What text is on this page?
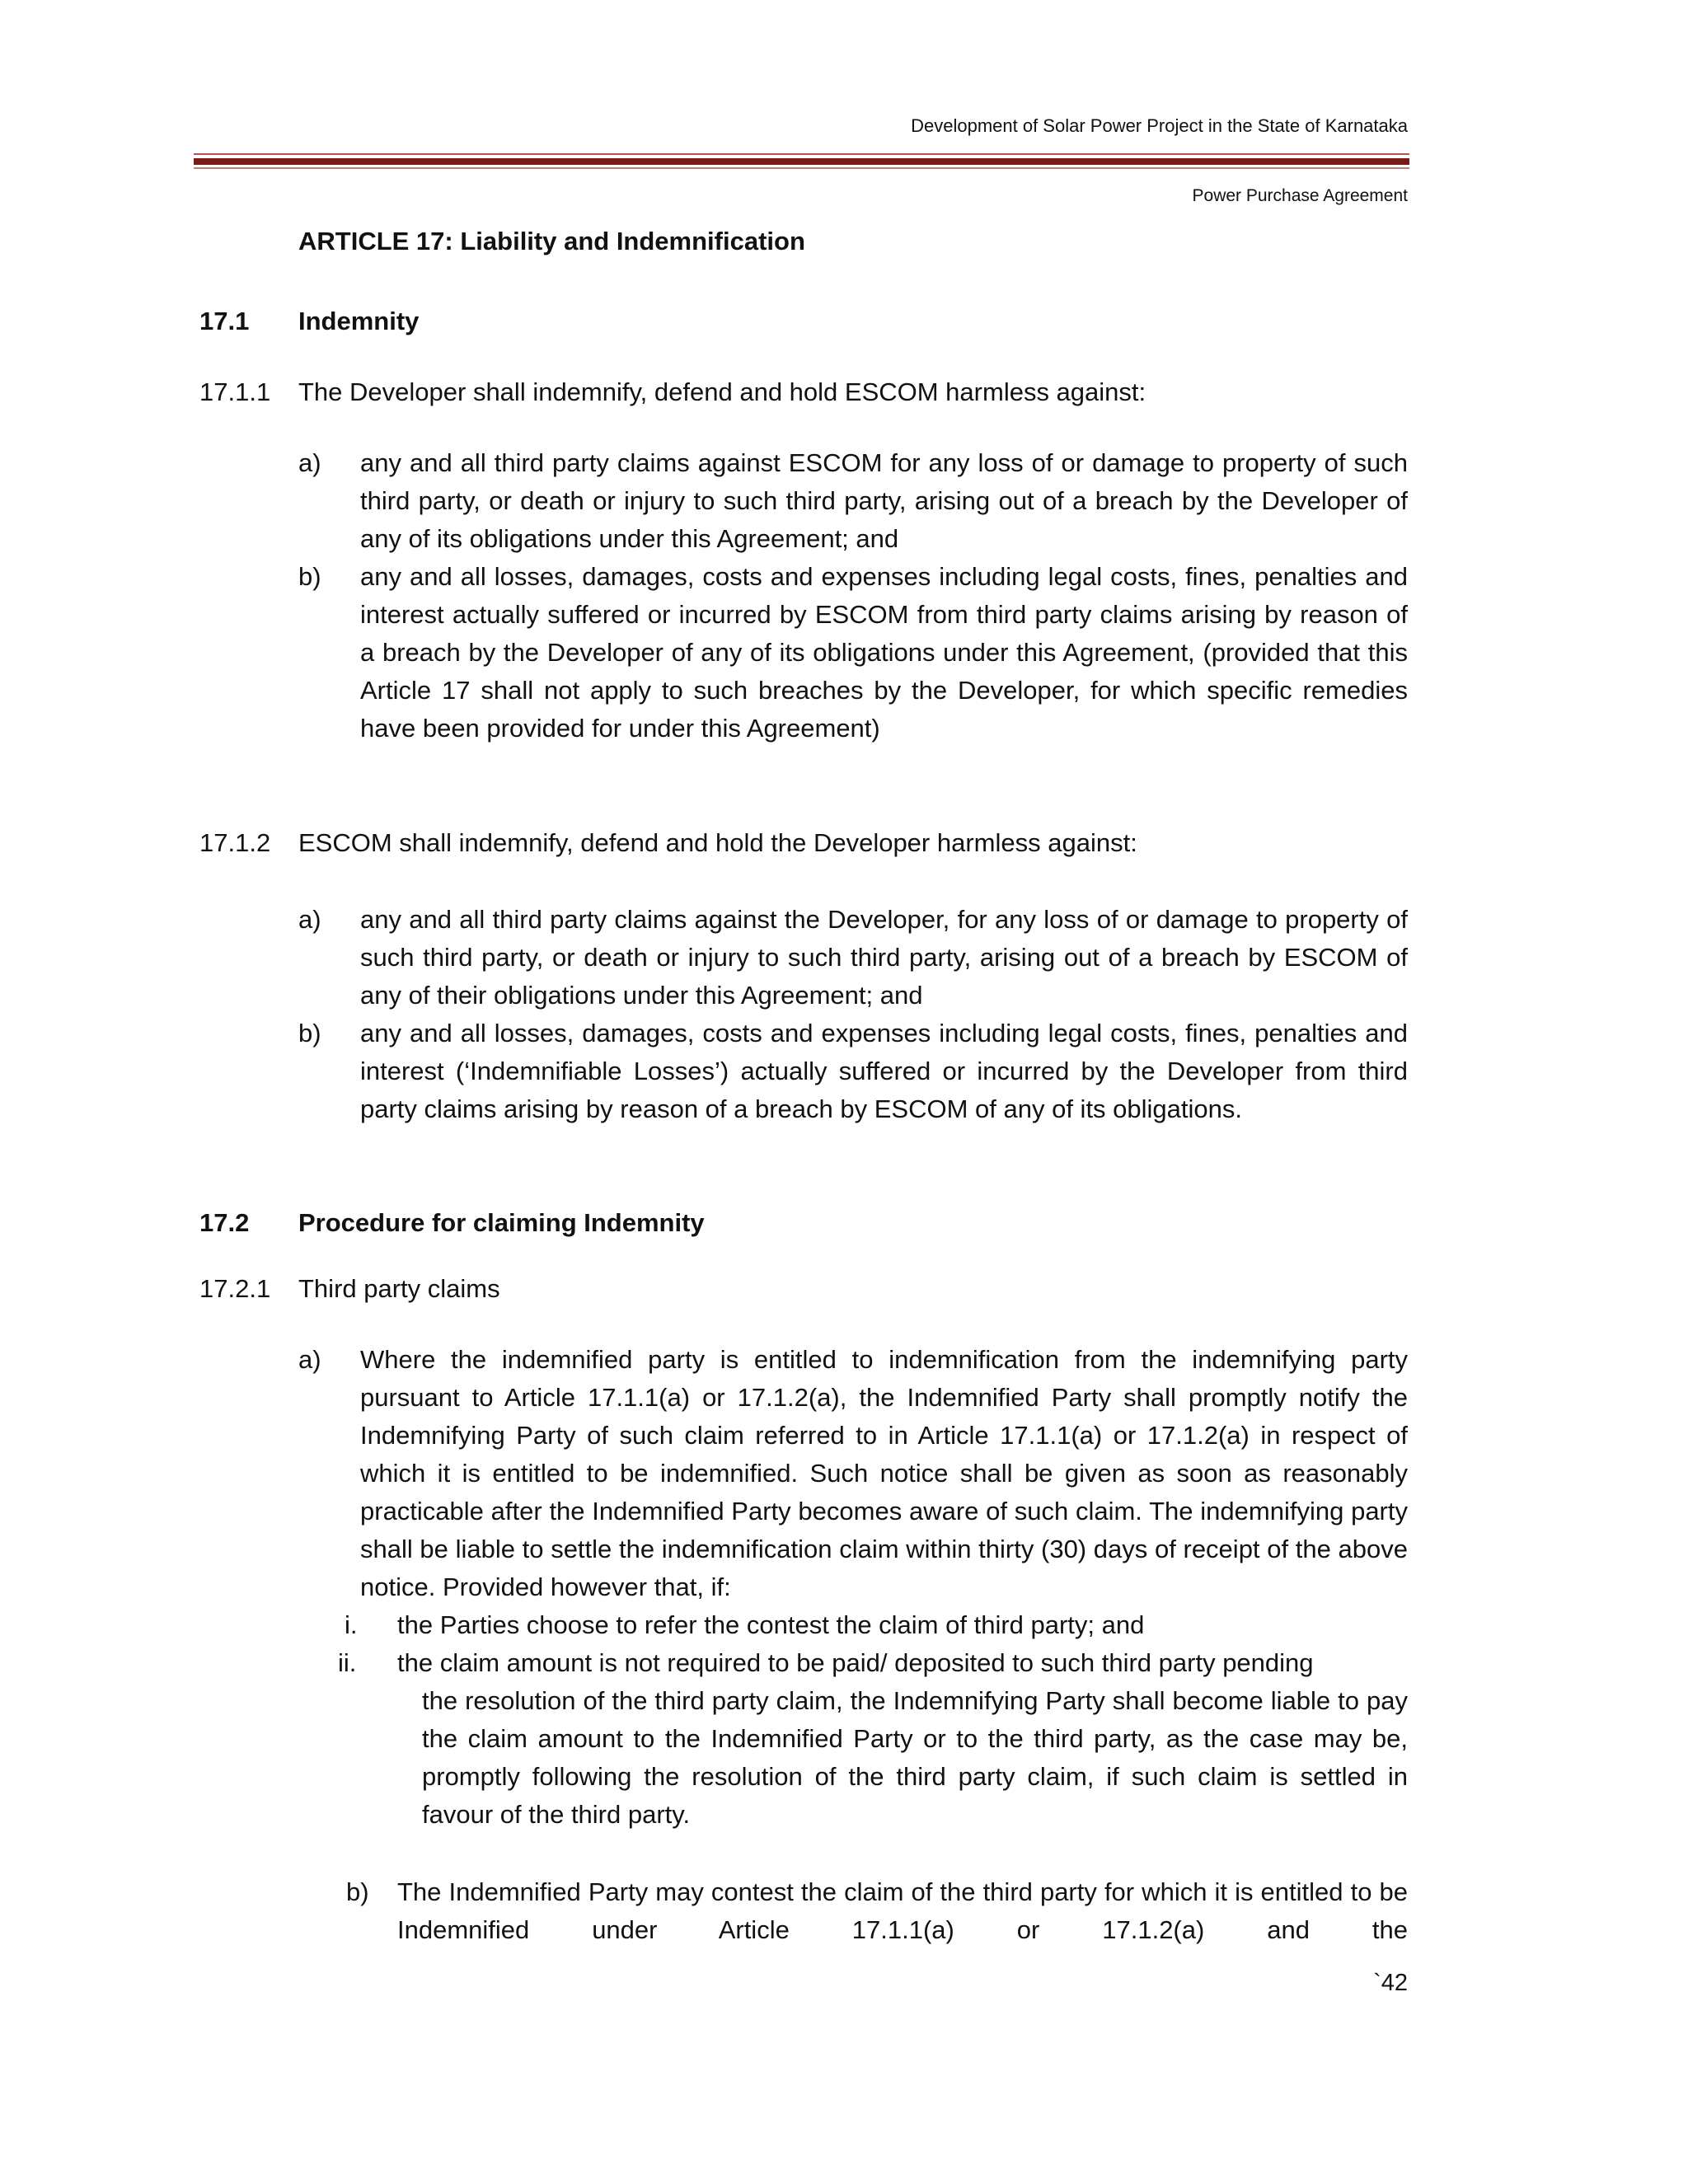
Development of Solar Power Project in the State of Karnataka
Power Purchase Agreement
ARTICLE 17: Liability and Indemnification
17.1 Indemnity
17.1.1 The Developer shall indemnify, defend and hold ESCOM harmless against:
a) any and all third party claims against ESCOM for any loss of or damage to property of such third party, or death or injury to such third party, arising out of a breach by the Developer of any of its obligations under this Agreement; and
b) any and all losses, damages, costs and expenses including legal costs, fines, penalties and interest actually suffered or incurred by ESCOM from third party claims arising by reason of a breach by the Developer of any of its obligations under this Agreement, (provided that this Article 17 shall not apply to such breaches by the Developer, for which specific remedies have been provided for under this Agreement)
17.1.2 ESCOM shall indemnify, defend and hold the Developer harmless against:
a) any and all third party claims against the Developer, for any loss of or damage to property of such third party, or death or injury to such third party, arising out of a breach by ESCOM of any of their obligations under this Agreement; and
b) any and all losses, damages, costs and expenses including legal costs, fines, penalties and interest (‘Indemnifiable Losses’) actually suffered or incurred by the Developer from third party claims arising by reason of a breach by ESCOM of any of its obligations.
17.2 Procedure for claiming Indemnity
17.2.1 Third party claims
a) Where the indemnified party is entitled to indemnification from the indemnifying party pursuant to Article 17.1.1(a) or 17.1.2(a), the Indemnified Party shall promptly notify the Indemnifying Party of such claim referred to in Article 17.1.1(a) or 17.1.2(a) in respect of which it is entitled to be indemnified. Such notice shall be given as soon as reasonably practicable after the Indemnified Party becomes aware of such claim. The indemnifying party shall be liable to settle the indemnification claim within thirty (30) days of receipt of the above notice. Provided however that, if:
i. the Parties choose to refer the contest the claim of third party; and
ii. the claim amount is not required to be paid/ deposited to such third party pending
the resolution of the third party claim, the Indemnifying Party shall become liable to pay the claim amount to the Indemnified Party or to the third party, as the case may be, promptly following the resolution of the third party claim, if such claim is settled in favour of the third party.
b) The Indemnified Party may contest the claim of the third party for which it is entitled to be Indemnified under Article 17.1.1(a) or 17.1.2(a) and the
`42
